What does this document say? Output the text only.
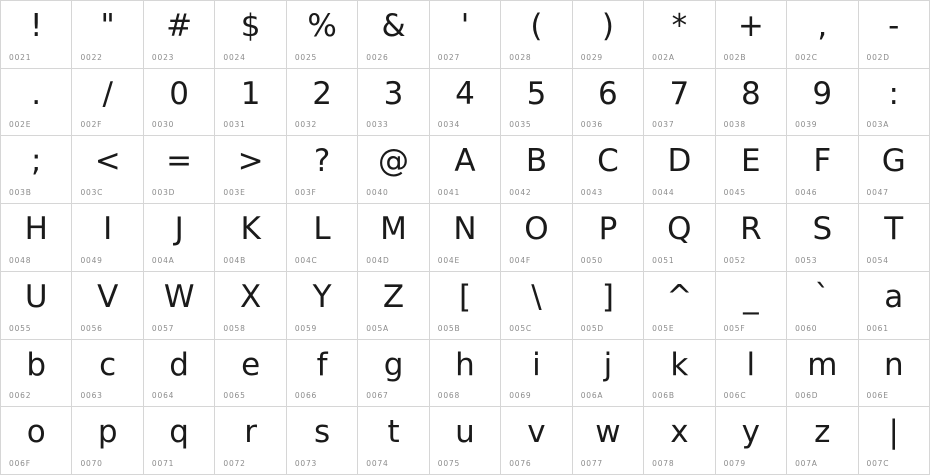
!
0021
"
0022
#
0023
$
0024
%
0025
&
0026
'
0027
(
0028
)
0029
*
002A
+
002B
,
002C
-
002D
.
002E
/
002F
0
0030
1
0031
2
0032
3
0033
4
0034
5
0035
6
0036
7
0037
8
0038
9
0039
:
003A
;
003B
<
003C
=
003D
>
003E
?
003F
@
0040
A
0041
B
0042
C
0043
D
0044
E
0045
F
0046
G
0047
H
0048
I
0049
J
004A
K
004B
L
004C
M
004D
N
004E
O
004F
P
0050
Q
0051
R
0052
S
0053
T
0054
U
0055
V
0056
W
0057
X
0058
Y
0059
Z
005A
[
005B
\
005C
]
005D
^
005E
_
005F
`
0060
a
0061
b
0062
c
0063
d
0064
e
0065
f
0066
g
0067
h
0068
i
0069
j
006A
k
006B
l
006C
m
006D
n
006E
o
006F
p
0070
q
0071
r
0072
s
0073
t
0074
u
0075
v
0076
w
0077
x
0078
y
0079
z
007A
|
007C
